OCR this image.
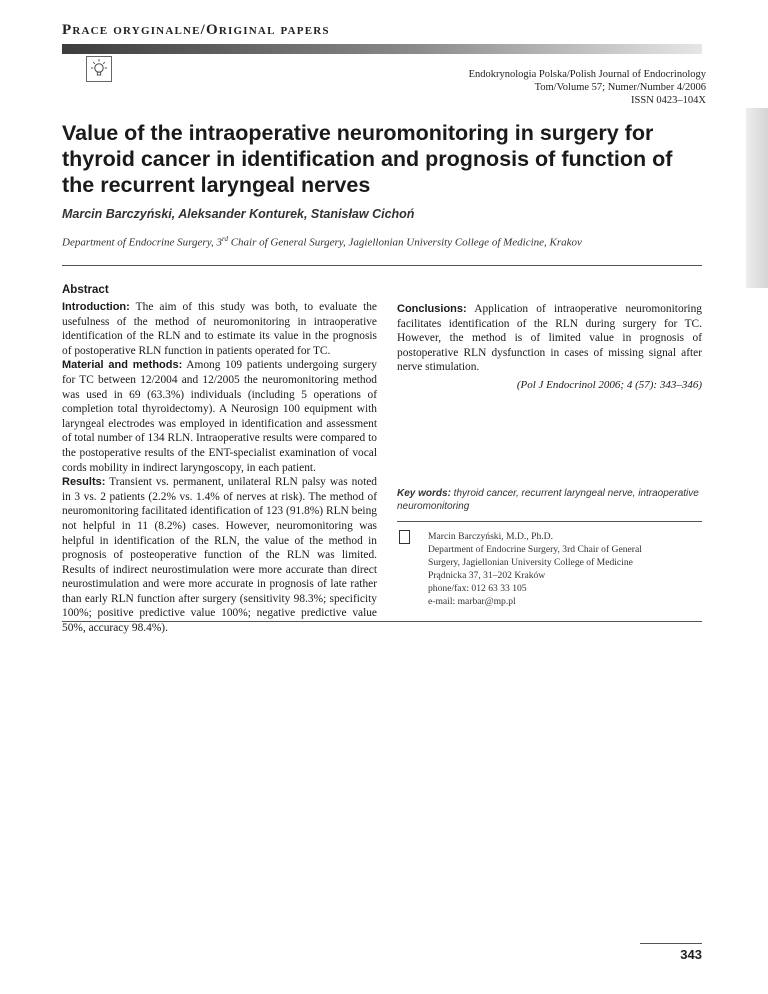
Prace oryginalne/Original papers
Endokrynologia Polska/Polish Journal of Endocrinology
Tom/Volume 57; Numer/Number 4/2006
ISSN 0423–104X
Value of the intraoperative neuromonitoring in surgery for thyroid cancer in identification and prognosis of function of the recurrent laryngeal nerves
Marcin Barczyński, Aleksander Konturek, Stanisław Cichoń
Department of Endocrine Surgery, 3rd Chair of General Surgery, Jagiellonian University College of Medicine, Krakov
Abstract

Introduction: The aim of this study was both, to evaluate the usefulness of the method of neuromonitoring in intraoperative identification of the RLN and to estimate its value in the prognosis of postoperative RLN function in patients operated for TC.

Material and methods: Among 109 patients undergoing surgery for TC between 12/2004 and 12/2005 the neuromonitoring method was used in 69 (63.3%) individuals (including 5 operations of completion total thyroidectomy). A Neurosign 100 equipment with laryngeal electrodes was employed in identification and assessment of total number of 134 RLN. Intraoperative results were compared to the postoperative results of the ENT-specialist examination of vocal cords mobility in indirect laryngoscopy, in each patient.

Results: Transient vs. permanent, unilateral RLN palsy was noted in 3 vs. 2 patients (2.2% vs. 1.4% of nerves at risk). The method of neuromonitoring facilitated identification of 123 (91.8%) RLN being not helpful in 11 (8.2%) cases. However, neuromonitoring was helpful in identification of the RLN, the value of the method in prognosis of posteoperative function of the RLN was limited. Results of indirect neurostimulation were more accurate than direct neurostimulation and were more accurate in prognosis of late rather than early RLN function after surgery (sensitivity 98.3%; specificity 100%; positive predictive value 100%; negative predictive value 50%, accuracy 98.4%).

Conclusions: Application of intraoperative neuromonitoring facilitates identification of the RLN during surgery for TC. However, the method is of limited value in prognosis of postoperative RLN dysfunction in cases of missing signal after nerve stimulation.

(Pol J Endocrinol 2006; 4 (57): 343–346)

Key words: thyroid cancer, recurrent laryngeal nerve, intraoperative neuromonitoring
Marcin Barczyński, M.D., Ph.D.
Department of Endocrine Surgery, 3rd Chair of General
Surgery, Jagiellonian University College of Medicine
Prądnicka 37, 31–202 Kraków
phone/fax: 012 63 33 105
e-mail: marbar@mp.pl
343
